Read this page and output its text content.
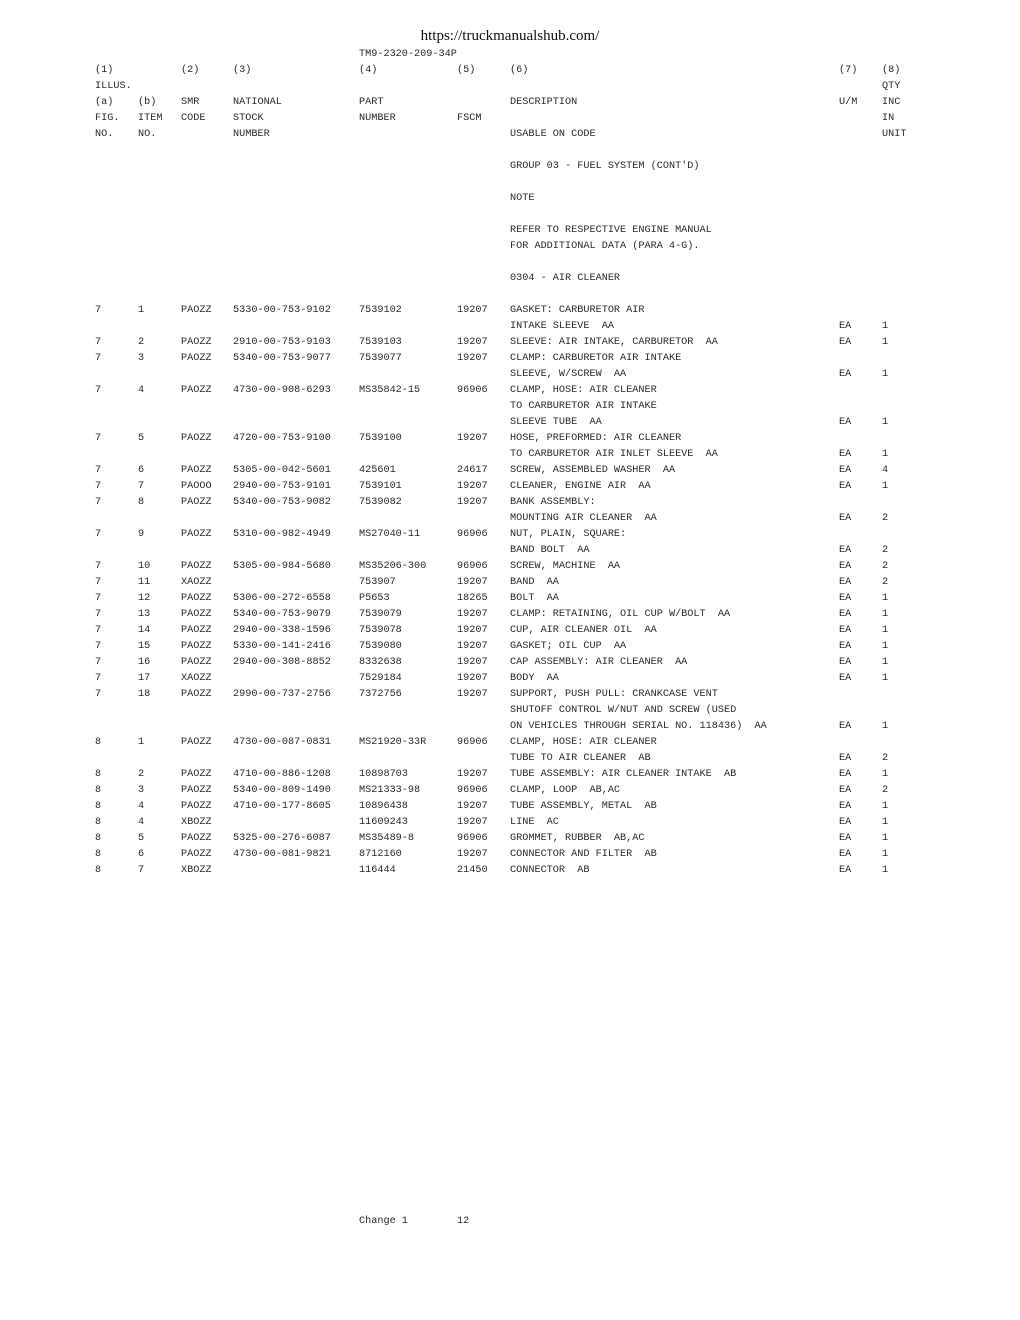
https://truckmanualshub.com/
TM9-2320-209-34P
(1)	(2)	(3)	(4)	(5)	(6)	(7) (8)
ILLUS.	QTY
(a) (b) SMR	NATIONAL	PART	DESCRIPTION	U/M INC
FIG. ITEM CODE	STOCK	NUMBER	FSCM	IN
NO. NO.	NUMBER	USABLE ON CODE	UNIT
GROUP 03 - FUEL SYSTEM (CONT'D)
NOTE
REFER TO RESPECTIVE ENGINE MANUAL
FOR ADDITIONAL DATA (PARA 4-G).
0304 - AIR CLEANER
7	1	PAOZZ 5330-00-753-9102	7539102	19207 GASKET: CARBURETOR AIR
INTAKE SLEEVE  AA	EA	1
7	2	PAOZZ 2910-00-753-9103	7539103	19207 SLEEVE: AIR INTAKE, CARBURETOR  AA	EA	1
7	3	PAOZZ 5340-00-753-9077	7539077	19207 CLAMP: CARBURETOR AIR INTAKE
SLEEVE, W/SCREW  AA	EA	1
7	4	PAOZZ 4730-00-908-6293	MS35842-15	96906 CLAMP, HOSE: AIR CLEANER
TO CARBURETOR AIR INTAKE
SLEEVE TUBE  AA	EA	1
7	5	PAOZZ 4720-00-753-9100	7539100	19207 HOSE, PREFORMED: AIR CLEANER
TO CARBURETOR AIR INLET SLEEVE  AA	EA	1
7	6	PAOZZ 5305-00-042-5601	425601	24617 SCREW, ASSEMBLED WASHER  AA	EA	4
7	7	PAOOO 2940-00-753-9101	7539101	19207 CLEANER, ENGINE AIR  AA	EA	1
7	8	PAOZZ 5340-00-753-9082	7539082	19207 BANK ASSEMBLY:
MOUNTING AIR CLEANER  AA	EA	2
7	9	PAOZZ 5310-00-982-4949	MS27040-11	96906 NUT, PLAIN, SQUARE:
BAND BOLT  AA	EA	2
7	10	PAOZZ 5305-00-984-5680	MS35206-300	96906 SCREW, MACHINE  AA	EA	2
7	11	XAOZZ	753907	19207 BAND  AA	EA	2
7	12	PAOZZ 5306-00-272-6558	P5653	18265 BOLT  AA	EA	1
7	13	PAOZZ 5340-00-753-9079	7539079	19207 CLAMP: RETAINING, OIL CUP W/BOLT  AA	EA	1
7	14	PAOZZ 2940-00-338-1596	7539078	19207 CUP, AIR CLEANER OIL  AA	EA	1
7	15	PAOZZ 5330-00-141-2416	7539080	19207 GASKET; OIL CUP  AA	EA	1
7	16	PAOZZ 2940-00-308-8852	8332638	19207 CAP ASSEMBLY: AIR CLEANER  AA	EA	1
7	17	XAOZZ	7529184	19207 BODY  AA	EA	1
7	18	PAOZZ 2990-00-737-2756	7372756	19207 SUPPORT, PUSH PULL: CRANKCASE VENT
SHUTOFF CONTROL W/NUT AND SCREW (USED
ON VEHICLES THROUGH SERIAL NO. 118436)  AA	EA	1
8	1	PAOZZ 4730-00-087-0831	MS21920-33R	96906 CLAMP, HOSE: AIR CLEANER
TUBE TO AIR CLEANER  AB	EA	2
8	2	PAOZZ 4710-00-886-1208	10898703	19207 TUBE ASSEMBLY: AIR CLEANER INTAKE  AB	EA	1
8	3	PAOZZ 5340-00-809-1490	MS21333-98	96906 CLAMP, LOOP  AB,AC	EA	2
8	4	PAOZZ 4710-00-177-8605	10896438	19207 TUBE ASSEMBLY, METAL  AB	EA	1
8	4	XBOZZ	11609243	19207 LINE  AC	EA	1
8	5	PAOZZ 5325-00-276-6087	MS35489-8	96906 GROMMET, RUBBER  AB,AC	EA	1
8	6	PAOZZ 4730-00-081-9821	8712160	19207 CONNECTOR AND FILTER  AB	EA	1
8	7	XBOZZ	116444	21450 CONNECTOR  AB	EA	1
Change 1	12
